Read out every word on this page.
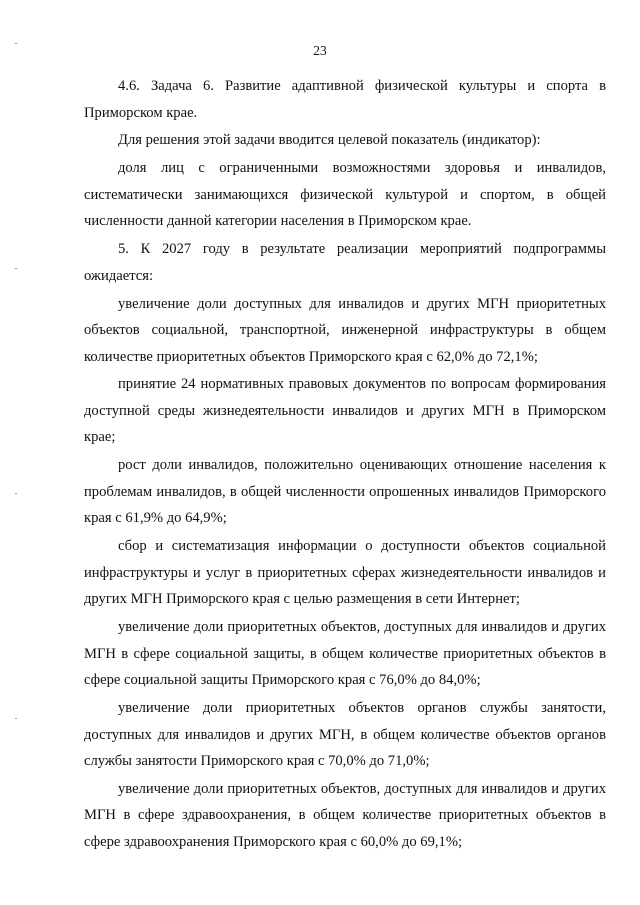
23

4.6. Задача 6. Развитие адаптивной физической культуры и спорта в Приморском крае.

Для решения этой задачи вводится целевой показатель (индикатор):

доля лиц с ограниченными возможностями здоровья и инвалидов, систематически занимающихся физической культурой и спортом, в общей численности данной категории населения в Приморском крае.

5. К 2027 году в результате реализации мероприятий подпрограммы ожидается:

увеличение доли доступных для инвалидов и других МГН приоритетных объектов социальной, транспортной, инженерной инфраструктуры в общем количестве приоритетных объектов Приморского края с 62,0% до 72,1%;

принятие 24 нормативных правовых документов по вопросам формирования доступной среды жизнедеятельности инвалидов и других МГН в Приморском крае;

рост доли инвалидов, положительно оценивающих отношение населения к проблемам инвалидов, в общей численности опрошенных инвалидов Приморского края с 61,9% до 64,9%;

сбор и систематизация информации о доступности объектов социальной инфраструктуры и услуг в приоритетных сферах жизнедеятельности инвалидов и других МГН Приморского края с целью размещения в сети Интернет;

увеличение доли приоритетных объектов, доступных для инвалидов и других МГН в сфере социальной защиты, в общем количестве приоритетных объектов в сфере социальной защиты Приморского края с 76,0% до 84,0%;

увеличение доли приоритетных объектов органов службы занятости, доступных для инвалидов и других МГН, в общем количестве объектов органов службы занятости Приморского края с 70,0% до 71,0%;

увеличение доли приоритетных объектов, доступных для инвалидов и других МГН в сфере здравоохранения, в общем количестве приоритетных объектов в сфере здравоохранения Приморского края с 60,0% до 69,1%;
